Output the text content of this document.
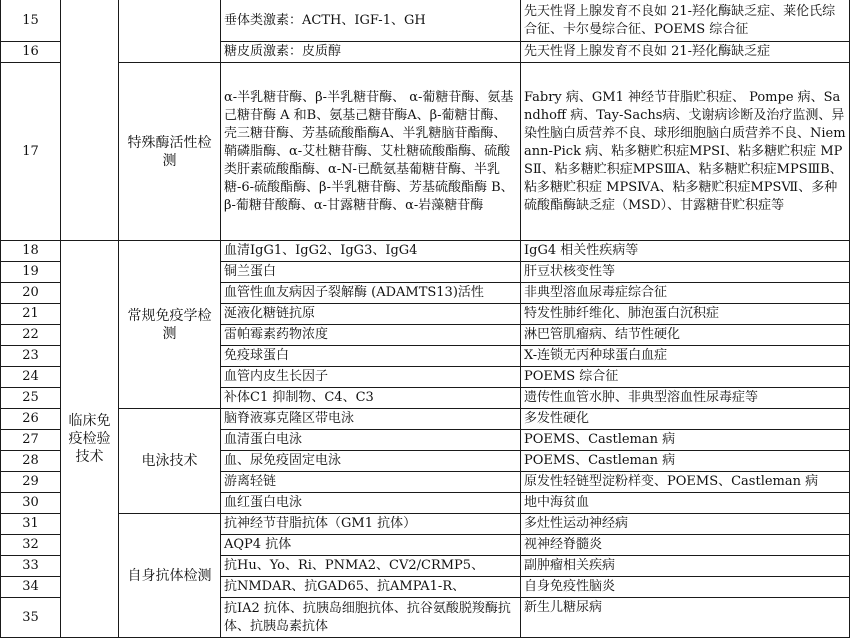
15			垂体类激素：ACTH、IGF-1、GH	先天性肾上腺发育不良如 21-羟化酶缺乏症、莱伦氏综合征、卡尔曼综合征、POEMS 综合征
16			糖皮质激素：皮质醇	先天性肾上腺发育不良如 21-羟化酶缺乏症
17		特殊酶活性检测	α-半乳糖苷酶、β-半乳糖苷酶、 α-葡糖苷酶、氨基己糖苷酶 A 和B、氨基己糖苷酶A、β-葡糖甘酶、壳三糖苷酶、芳基硫酸酯酶A、半乳糖脑苷酯酶、鞘磷脂酶、α-艾杜糖苷酶、艾杜糖硫酸酯酶、硫酸类肝素硫酸酯酶、α-N-已酰氨基葡糖苷酶、半乳糖-6-硫酸酯酶、β-半乳糖苷酶、芳基硫酸酯酶 B、β-葡糖苷酸酶、α-甘露糖苷酶、α-岩藻糖苷酶	Fabry 病、GM1 神经节苷脂贮积症、 Pompe 病、Sandhoff 病、Tay-Sachs病、戈谢病诊断及治疗监测、异染性脑白质营养不良、球形细胞脑白质营养不良、Niemann-Pick 病、粘多糖贮积症MPSⅠ、粘多糖贮积症 MPSⅡ、粘多糖贮积症MPSⅢA、粘多糖贮积症MPSⅢB、粘多糖贮积症 MPSⅣA、粘多糖贮积症MPSⅦ、多种硫酸酯酶缺乏症（MSD）、甘露糖苷贮积症等
18	临床免疫检验技术	常规免疫学检测	血清IgG1、IgG2、IgG3、IgG4	IgG4 相关性疾病等
19			铜兰蛋白	肝豆状核变性等
20			血管性血友病因子裂解酶 (ADAMTS13)活性	非典型溶血尿毒症综合征
21			涎液化糖链抗原	特发性肺纤维化、肺泡蛋白沉积症
22			雷帕霉素药物浓度	淋巴管肌瘤病、结节性硬化
23			免疫球蛋白	X-连锁无丙种球蛋白血症
24			血管内皮生长因子	POEMS 综合征
25			补体C1 抑制物、C4、C3	遗传性血管水肿、非典型溶血性尿毒症等
26		电泳技术	脑脊液寡克隆区带电泳	多发性硬化
27			血清蛋白电泳	POEMS、Castleman 病
28			血、尿免疫固定电泳	POEMS、Castleman 病
29			游离轻链	原发性轻链型淀粉样变、POEMS、Castleman 病
30			血红蛋白电泳	地中海贫血
31		自身抗体检测	抗神经节苷脂抗体（GM1 抗体）	多灶性运动神经病
32			AQP4 抗体	视神经脊髓炎
33			抗Hu、Yo、Ri、PNMA2、CV2/CRMP5、	副肿瘤相关疾病
34			抗NMDAR、抗GAD65、抗AMPA1-R、	自身免疫性脑炎
35			抗IA2 抗体、抗胰岛细胞抗体、抗谷氨酸脱羧酶抗体、抗胰岛素抗体	新生儿糖尿病
